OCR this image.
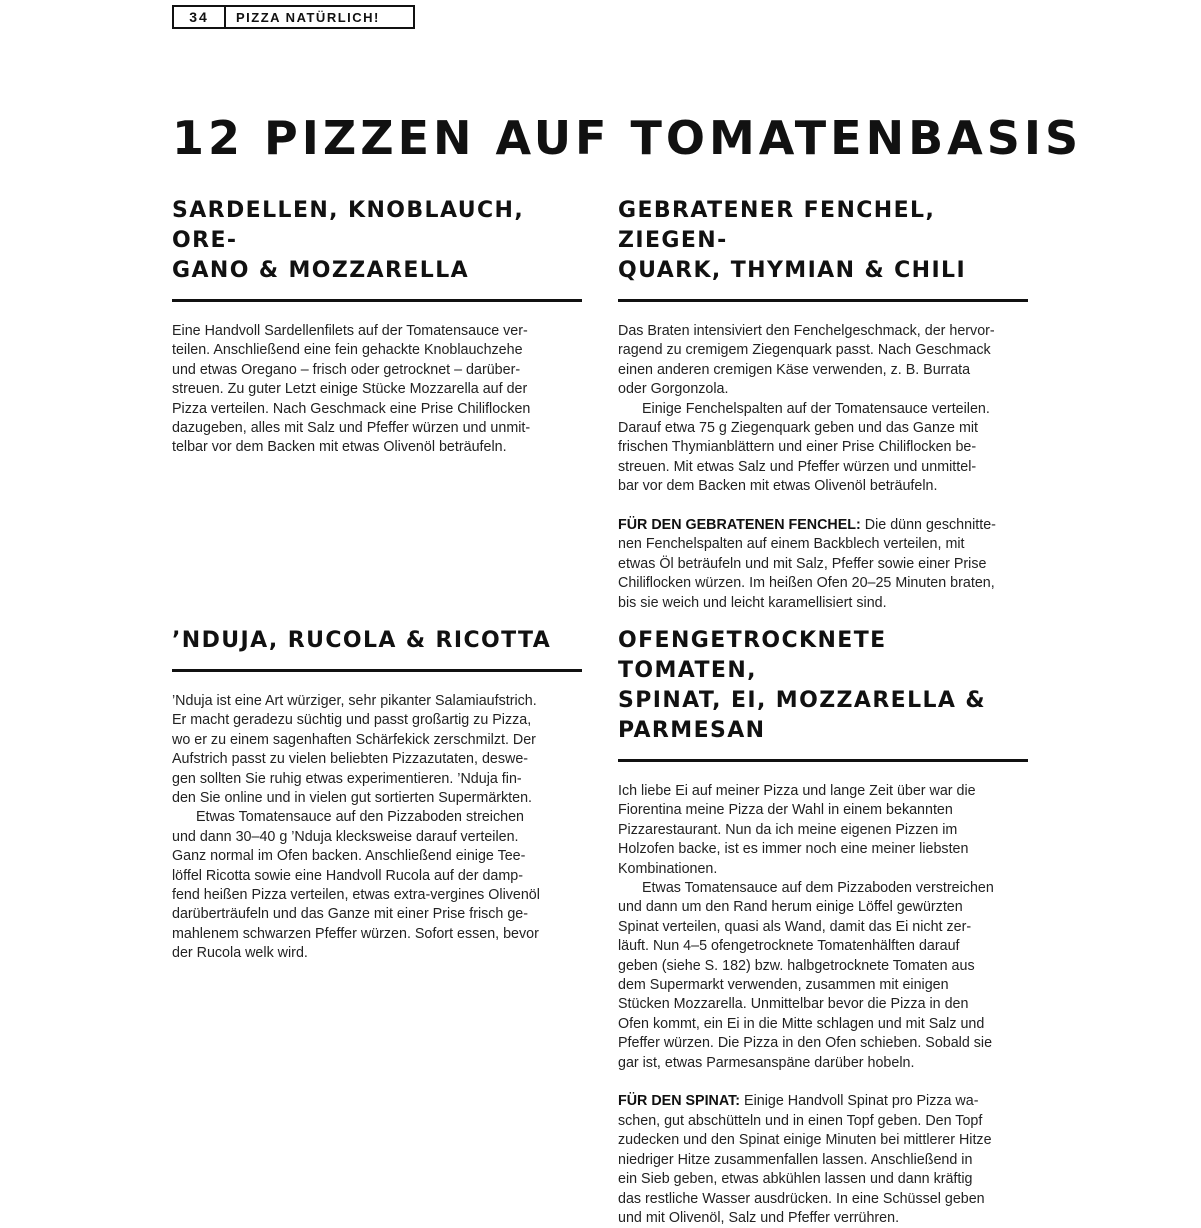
34	PIZZA NATÜRLICH!
12 PIZZEN AUF TOMATENBASIS
SARDELLEN, KNOBLAUCH, ORE-
GANO & MOZZARELLA

Eine Handvoll Sardellenfilets auf der Tomatensauce ver-
teilen. Anschließend eine fein gehackte Knoblauchzehe
und etwas Oregano – frisch oder getrocknet – darüber-
streuen. Zu guter Letzt einige Stücke Mozzarella auf der
Pizza verteilen. Nach Geschmack eine Prise Chiliflocken
dazugeben, alles mit Salz und Pfeffer würzen und unmit-
telbar vor dem Backen mit etwas Olivenöl beträufeln.

GEBRATENER FENCHEL, ZIEGEN-
QUARK, THYMIAN & CHILI

Das Braten intensiviert den Fenchelgeschmack, der hervor-
ragend zu cremigem Ziegenquark passt. Nach Geschmack
einen anderen cremigen Käse verwenden, z. B. Burrata
oder Gorgonzola.

Einige Fenchelspalten auf der Tomatensauce verteilen.
Darauf etwa 75 g Ziegenquark geben und das Ganze mit
frischen Thymianblättern und einer Prise Chiliflocken be-
streuen. Mit etwas Salz und Pfeffer würzen und unmittel-
bar vor dem Backen mit etwas Olivenöl beträufeln.

FÜR DEN GEBRATENEN FENCHEL: Die dünn geschnitte-
nen Fenchelspalten auf einem Backblech verteilen, mit
etwas Öl beträufeln und mit Salz, Pfeffer sowie einer Prise
Chiliflocken würzen. Im heißen Ofen 20–25 Minuten braten,
bis sie weich und leicht karamellisiert sind.

’NDUJA, RUCOLA & RICOTTA

’Nduja ist eine Art würziger, sehr pikanter Salamiaufstrich.
Er macht geradezu süchtig und passt großartig zu Pizza,
wo er zu einem sagenhaften Schärfekick zerschmilzt. Der
Aufstrich passt zu vielen beliebten Pizzazutaten, deswe-
gen sollten Sie ruhig etwas experimentieren. ’Nduja fin-
den Sie online und in vielen gut sortierten Supermärkten.

Etwas Tomatensauce auf den Pizzaboden streichen
und dann 30–40 g ’Nduja klecksweise darauf verteilen.
Ganz normal im Ofen backen. Anschließend einige Tee-
löffel Ricotta sowie eine Handvoll Rucola auf der damp-
fend heißen Pizza verteilen, etwas extra-vergines Olivenöl
darüberträufeln und das Ganze mit einer Prise frisch ge-
mahlenem schwarzen Pfeffer würzen. Sofort essen, bevor
der Rucola welk wird.

OFENGETROCKNETE TOMATEN,
SPINAT, EI, MOZZARELLA &
PARMESAN

Ich liebe Ei auf meiner Pizza und lange Zeit über war die
Fiorentina meine Pizza der Wahl in einem bekannten
Pizzarestaurant. Nun da ich meine eigenen Pizzen im
Holzofen backe, ist es immer noch eine meiner liebsten
Kombinationen.

Etwas Tomatensauce auf dem Pizzaboden verstreichen
und dann um den Rand herum einige Löffel gewürzten
Spinat verteilen, quasi als Wand, damit das Ei nicht zer-
läuft. Nun 4–5 ofengetrocknete Tomatenhälften darauf
geben (siehe S. 182) bzw. halbgetrocknete Tomaten aus
dem Supermarkt verwenden, zusammen mit einigen
Stücken Mozzarella. Unmittelbar bevor die Pizza in den
Ofen kommt, ein Ei in die Mitte schlagen und mit Salz und
Pfeffer würzen. Die Pizza in den Ofen schieben. Sobald sie
gar ist, etwas Parmesanspäne darüber hobeln.

FÜR DEN SPINAT: Einige Handvoll Spinat pro Pizza wa-
schen, gut abschütteln und in einen Topf geben. Den Topf
zudecken und den Spinat einige Minuten bei mittlerer Hitze
niedriger Hitze zusammenfallen lassen. Anschließend in
ein Sieb geben, etwas abkühlen lassen und dann kräftig
das restliche Wasser ausdrücken. In eine Schüssel geben
und mit Olivenöl, Salz und Pfeffer verrühren.
